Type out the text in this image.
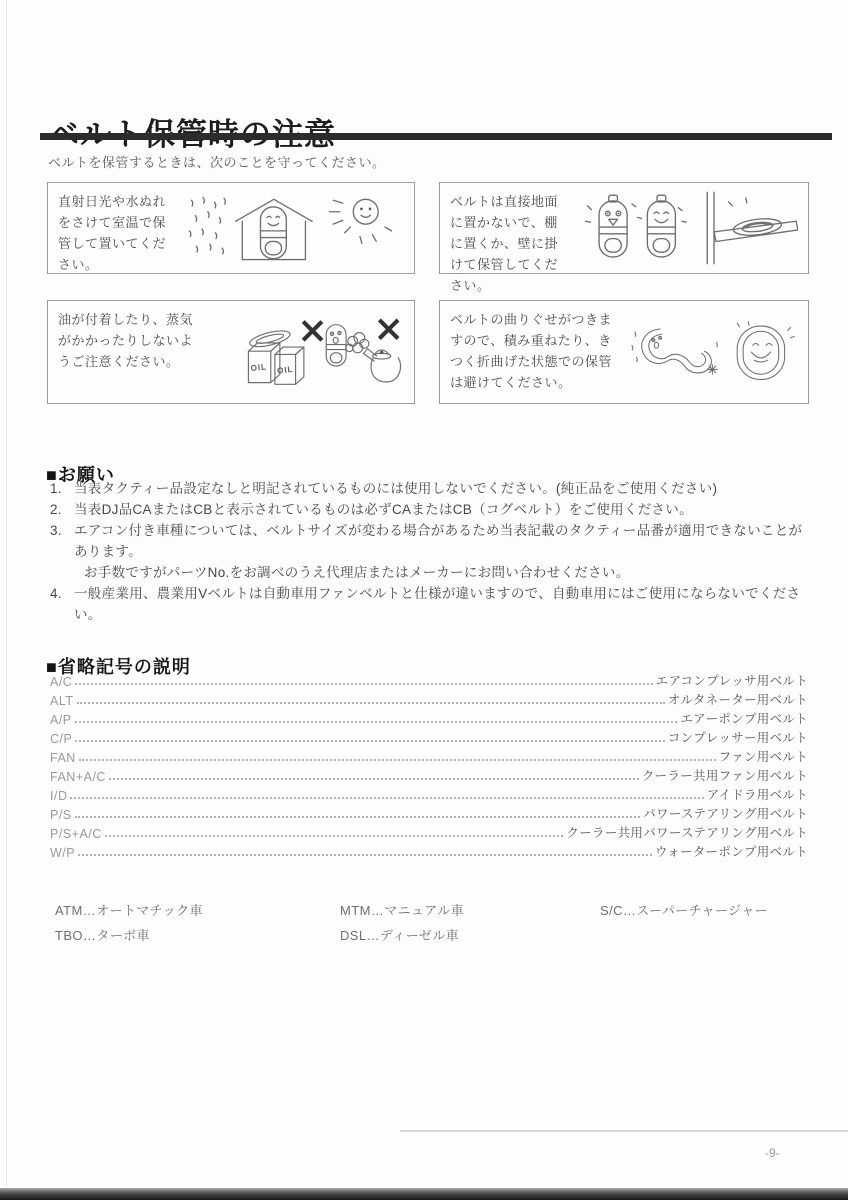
ベルトを保管するときは、次のことを守ってください。
直射日光や水ぬれをさけて室温で保管して置いてください。
ベルトは直接地面に置かないで、棚に置くか、壁に掛けて保管してください。
油が付着したり、蒸気がかかったりしないようご注意ください。	OIL OIL
ベルトの曲りぐせがつきますので、積み重ねたり、きつく折曲げた状態での保管は避けてください。
■お願い
1. 当表タクティー品設定なしと明記されているものには使用しないでください。(純正品をご使用ください)
2. 当表DJ品CAまたはCBと表示されているものは必ずCAまたはCB（コグベルト）をご使用ください。
3. エアコン付き車種については、ベルトサイズが変わる場合があるため当表記載のタクティー品番が適用できないことがあります。
お手数ですがパーツNo.をお調べのうえ代理店またはメーカーにお問い合わせください。
4. 一般産業用、農業用Vベルトは自動車用ファンベルトと仕様が違いますので、自動車用にはご使用にならないでください。
■省略記号の説明
A/C	エアコンプレッサ用ベルト
ALT	オルタネーター用ベルト
A/P	エアーポンプ用ベルト
C/P	コンプレッサー用ベルト
FAN	ファン用ベルト
FAN+A/C	クーラー共用ファン用ベルト
I/D	アイドラ用ベルト
P/S	パワーステアリング用ベルト
P/S+A/C	クーラー共用パワーステアリング用ベルト
W/P	ウォーターポンプ用ベルト
ATM…オートマチック車
TBO…ターボ車
MTM…マニュアル車
DSL…ディーゼル車
S/C…スーパーチャージャー
-9-
